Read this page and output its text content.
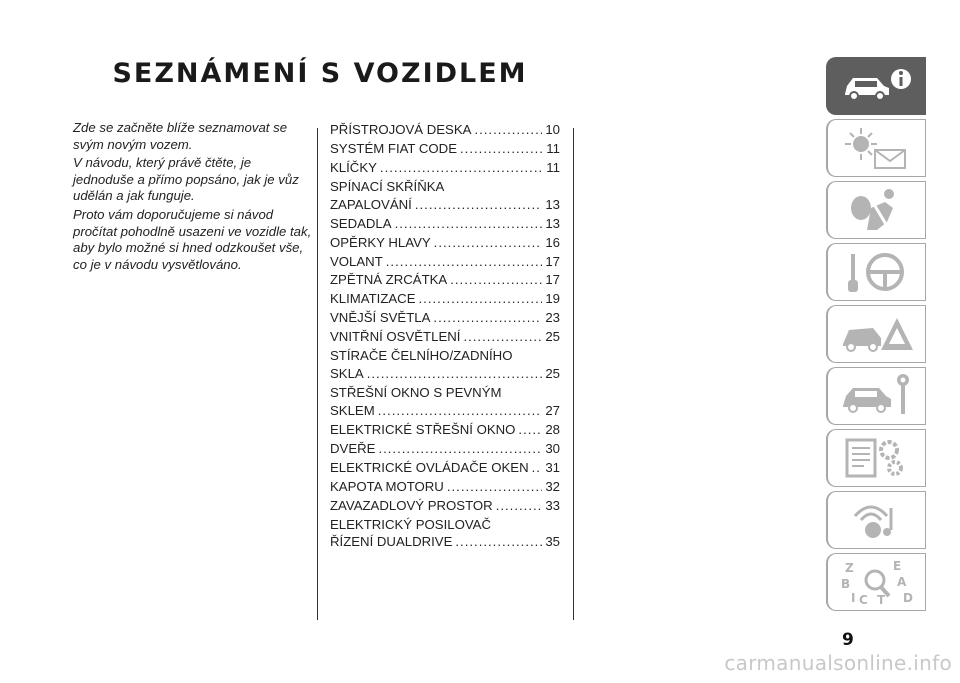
SEZNÁMENÍ S VOZIDLEM

Zde se začněte blíže seznamovat se svým novým vozem.

V návodu, který právě čtěte, je jednoduše a přímo popsáno, jak je vůz udělán a jak funguje.

Proto vám doporučujeme si návod pročítat pohodlně usazeni ve vozidle tak, aby bylo možné si hned odzkoušet vše, co je v návodu vysvětlováno.

PŘÍSTROJOVÁ DESKA .....	10
SYSTÉM FIAT CODE .....	11
KLÍČKY .....	11
SPÍNACÍ SKŘÍŇKA
ZAPALOVÁNÍ .....	13
SEDADLA .....	13
OPĚRKY HLAVY .....	16
VOLANT .....	17
ZPĚTNÁ ZRCÁTKA .....	17
KLIMATIZACE .....	19
VNĚJŠÍ SVĚTLA .....	23
VNITŘNÍ OSVĚTLENÍ .....	25
STÍRAČE ČELNÍHO/ZADNÍHO
SKLA .....	25
STŘEŠNÍ OKNO S PEVNÝM
SKLEM .....	27
ELEKTRICKÉ STŘEŠNÍ OKNO ..... 28
DVEŘE .....	30
ELEKTRICKÉ OVLÁDAČE OKEN ..... 31
KAPOTA MOTORU .....	32
ZAVAZADLOVÝ PROSTOR .....	33
ELEKTRICKÝ POSILOVAČ
ŘÍZENÍ DUALDRIVE .....	35
Z	E
B	A
C T D
I
9
carmanualsonline.info
